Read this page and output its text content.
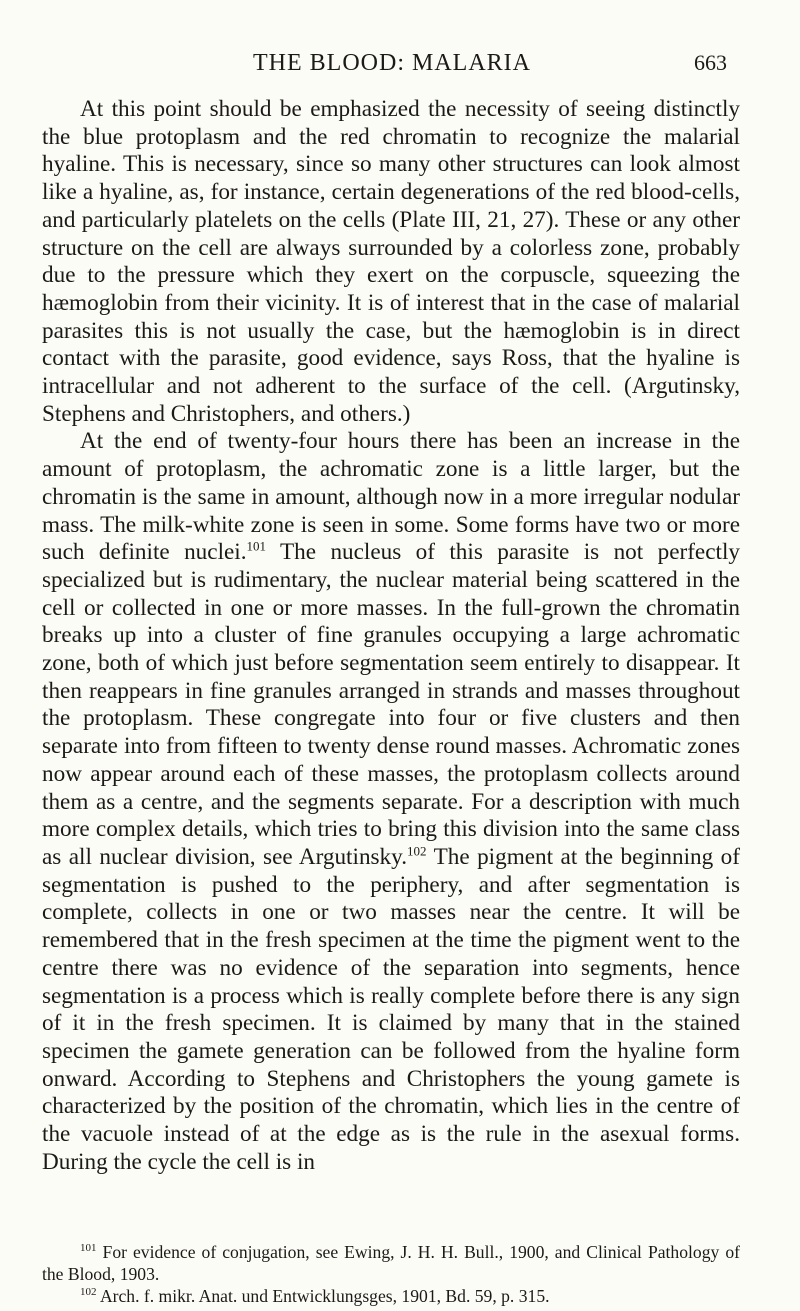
THE BLOOD: MALARIA	663

At this point should be emphasized the necessity of seeing distinctly the blue protoplasm and the red chromatin to recognize the malarial hyaline. This is necessary, since so many other structures can look almost like a hyaline, as, for instance, certain degenerations of the red blood-cells, and particularly platelets on the cells (Plate III, 21, 27). These or any other structure on the cell are always surrounded by a colorless zone, probably due to the pressure which they exert on the corpuscle, squeezing the hæmoglobin from their vicinity. It is of interest that in the case of malarial parasites this is not usually the case, but the hæmoglobin is in direct contact with the parasite, good evidence, says Ross, that the hyaline is intracellular and not adherent to the surface of the cell. (Argutinsky, Stephens and Christophers, and others.)

At the end of twenty-four hours there has been an increase in the amount of protoplasm, the achromatic zone is a little larger, but the chromatin is the same in amount, although now in a more irregular nodular mass. The milk-white zone is seen in some. Some forms have two or more such definite nuclei.$^{101}$ The nucleus of this parasite is not perfectly specialized but is rudimentary, the nuclear material being scattered in the cell or collected in one or more masses. In the full-grown the chromatin breaks up into a cluster of fine granules occupying a large achromatic zone, both of which just before segmentation seem entirely to disappear. It then reappears in fine granules arranged in strands and masses throughout the protoplasm. These congregate into four or five clusters and then separate into from fifteen to twenty dense round masses. Achromatic zones now appear around each of these masses, the protoplasm collects around them as a centre, and the segments separate. For a description with much more complex details, which tries to bring this division into the same class as all nuclear division, see Argutinsky.$^{102}$ The pigment at the beginning of segmentation is pushed to the periphery, and after segmentation is complete, collects in one or two masses near the centre. It will be remembered that in the fresh specimen at the time the pigment went to the centre there was no evidence of the separation into segments, hence segmentation is a process which is really complete before there is any sign of it in the fresh specimen. It is claimed by many that in the stained specimen the gamete generation can be followed from the hyaline form onward. According to Stephens and Christophers the young gamete is characterized by the position of the chromatin, which lies in the centre of the vacuole instead of at the edge as is the rule in the asexual forms. During the cycle the cell is in

$^{101}$ For evidence of conjugation, see Ewing, J. H. H. Bull., 1900, and Clinical Pathology of the Blood, 1903.

$^{102}$ Arch. f. mikr. Anat. und Entwicklungsges, 1901, Bd. 59, p. 315.
